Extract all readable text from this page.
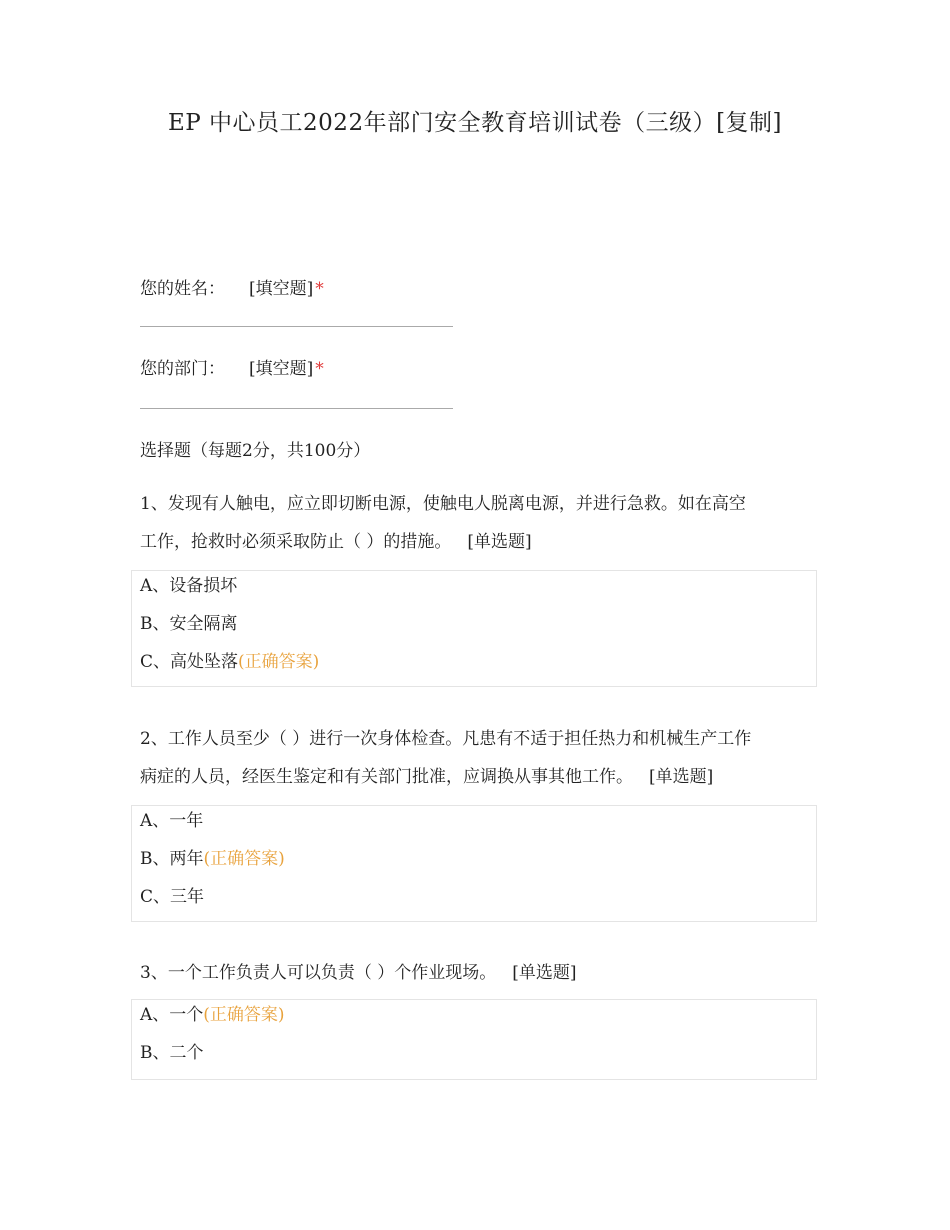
EP 中心员工2022年部门安全教育培训试卷（三级）[复制]
您的姓名： [填空题] *
您的部门： [填空题] *
选择题（每题2分，共100分）
1、发现有人触电，应立即切断电源，使触电人脱离电源，并进行急救。如在高空
工作，抢救时必须采取防止（ ）的措施。 [单选题]
A、设备损坏
B、安全隔离
C、高处坠落(正确答案)
2、工作人员至少（ ）进行一次身体检查。凡患有不适于担任热力和机械生产工作
病症的人员，经医生鉴定和有关部门批准，应调换从事其他工作。 [单选题]
A、一年
B、两年(正确答案)
C、三年
3、一个工作负责人可以负责（ ）个作业现场。 [单选题]
A、一个(正确答案)
B、二个
